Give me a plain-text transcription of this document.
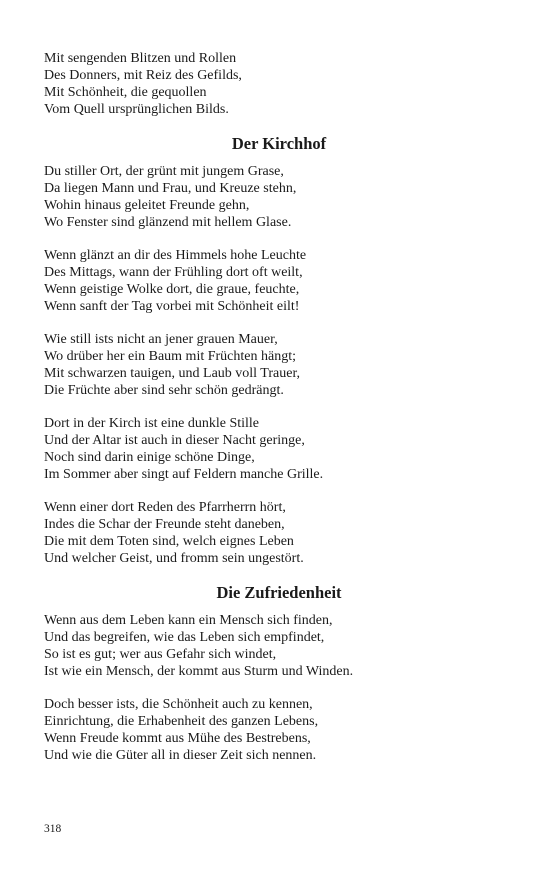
Mit sengenden Blitzen und Rollen
Des Donners, mit Reiz des Gefilds,
Mit Schönheit, die gequollen
Vom Quell ursprünglichen Bilds.
Der Kirchhof
Du stiller Ort, der grünt mit jungem Grase,
Da liegen Mann und Frau, und Kreuze stehn,
Wohin hinaus geleitet Freunde gehn,
Wo Fenster sind glänzend mit hellem Glase.
Wenn glänzt an dir des Himmels hohe Leuchte
Des Mittags, wann der Frühling dort oft weilt,
Wenn geistige Wolke dort, die graue, feuchte,
Wenn sanft der Tag vorbei mit Schönheit eilt!
Wie still ists nicht an jener grauen Mauer,
Wo drüber her ein Baum mit Früchten hängt;
Mit schwarzen tauigen, und Laub voll Trauer,
Die Früchte aber sind sehr schön gedrängt.
Dort in der Kirch ist eine dunkle Stille
Und der Altar ist auch in dieser Nacht geringe,
Noch sind darin einige schöne Dinge,
Im Sommer aber singt auf Feldern manche Grille.
Wenn einer dort Reden des Pfarrherrn hört,
Indes die Schar der Freunde steht daneben,
Die mit dem Toten sind, welch eignes Leben
Und welcher Geist, und fromm sein ungestört.
Die Zufriedenheit
Wenn aus dem Leben kann ein Mensch sich finden,
Und das begreifen, wie das Leben sich empfindet,
So ist es gut; wer aus Gefahr sich windet,
Ist wie ein Mensch, der kommt aus Sturm und Winden.
Doch besser ists, die Schönheit auch zu kennen,
Einrichtung, die Erhabenheit des ganzen Lebens,
Wenn Freude kommt aus Mühe des Bestrebens,
Und wie die Güter all in dieser Zeit sich nennen.
318
